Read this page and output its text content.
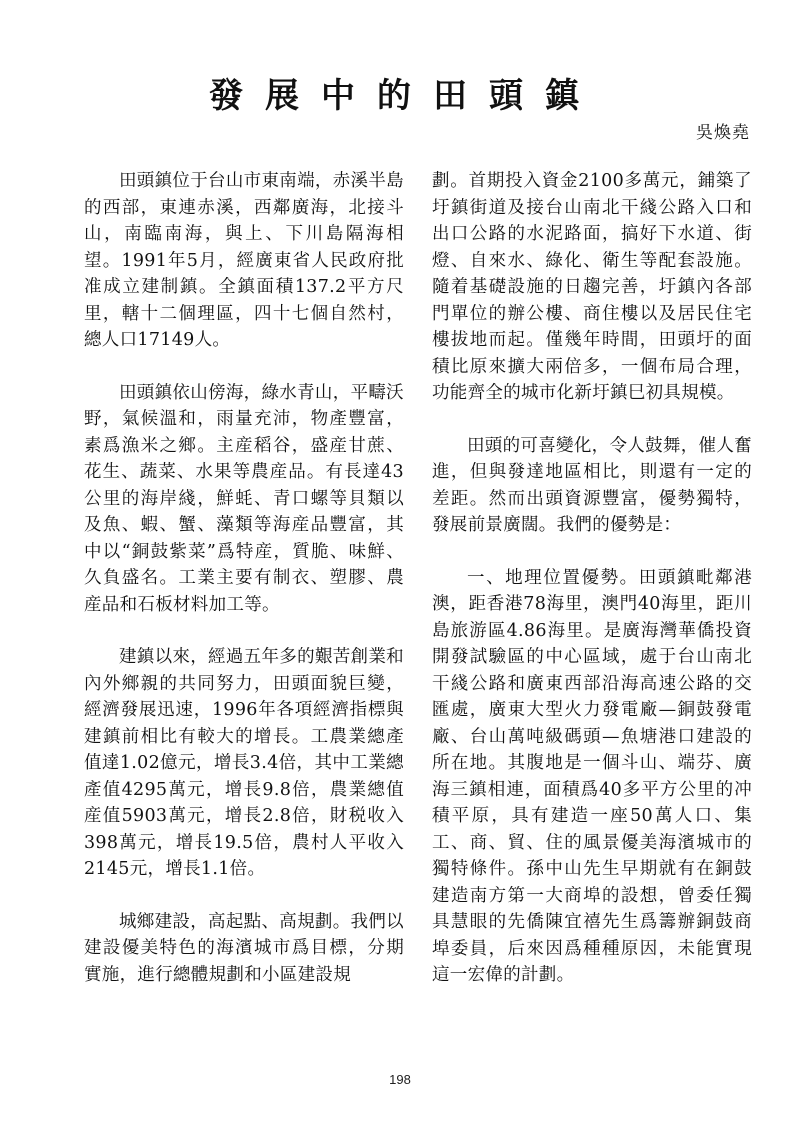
發展中的田頭鎮
吳煥堯

田頭鎮位于台山市東南端，赤溪半島的西部，東連赤溪，西鄰廣海，北接斗山，南臨南海，與上、下川島隔海相望。1991年5月，經廣東省人民政府批准成立建制鎮。全鎮面積137.2平方尺里，轄十二個理區，四十七個自然村，總人口17149人。

田頭鎮依山傍海，綠水青山，平疇沃野，氣候溫和，雨量充沛，物產豐富，素爲漁米之鄉。主産稻谷，盛産甘蔗、花生、蔬菜、水果等農産品。有長達43公里的海岸綫，鮮蚝、青口螺等貝類以及魚、蝦、蟹、藻類等海産品豐富，其中以“銅鼓紫菜”爲特産，質脆、味鮮、久負盛名。工業主要有制衣、塑膠、農産品和石板材料加工等。

建鎮以來，經過五年多的艱苦創業和內外鄉親的共同努力，田頭面貌巨變，經濟發展迅速，1996年各項經濟指標與建鎮前相比有較大的增長。工農業總產值達1.02億元，增長3.4倍，其中工業總產值4295萬元，增長9.8倍，農業總值産值5903萬元，增長2.8倍，財税收入398萬元，增長19.5倍，農村人平收入2145元，增長1.1倍。

城鄉建設，高起點、高規劃。我們以建設優美特色的海濱城市爲目標，分期實施，進行總體規劃和小區建設規

劃。首期投入資金2100多萬元，鋪築了圩鎮街道及接台山南北干綫公路入口和出口公路的水泥路面，搞好下水道、街燈、自來水、綠化、衛生等配套設施。隨着基礎設施的日趨完善，圩鎮內各部門單位的辦公樓、商住樓以及居民住宅樓拔地而起。僅幾年時間，田頭圩的面積比原來擴大兩倍多，一個布局合理，功能齊全的城市化新圩鎮巳初具規模。

田頭的可喜變化，令人鼓舞，催人奮進，但與發達地區相比，則還有一定的差距。然而出頭資源豐富，優勢獨特，發展前景廣闊。我們的優勢是：

一、地理位置優勢。田頭鎮毗鄰港澳，距香港78海里，澳門40海里，距川島旅游區4.86海里。是廣海灣華僑投資開發試驗區的中心區域，處于台山南北干綫公路和廣東西部沿海高速公路的交匯處，廣東大型火力發電廠—銅鼓發電廠、台山萬吨級碼頭—魚塘港口建設的所在地。其腹地是一個斗山、端芬、廣海三鎮相連，面積爲40多平方公里的冲積平原，具有建造一座50萬人口、集工、商、貿、住的風景優美海濱城市的獨特條件。孫中山先生早期就有在銅鼓建造南方第一大商埠的設想，曾委任獨具慧眼的先僑陳宜禧先生爲籌辦銅鼓商埠委員，后來因爲種種原因，未能實現這一宏偉的計劃。

198
